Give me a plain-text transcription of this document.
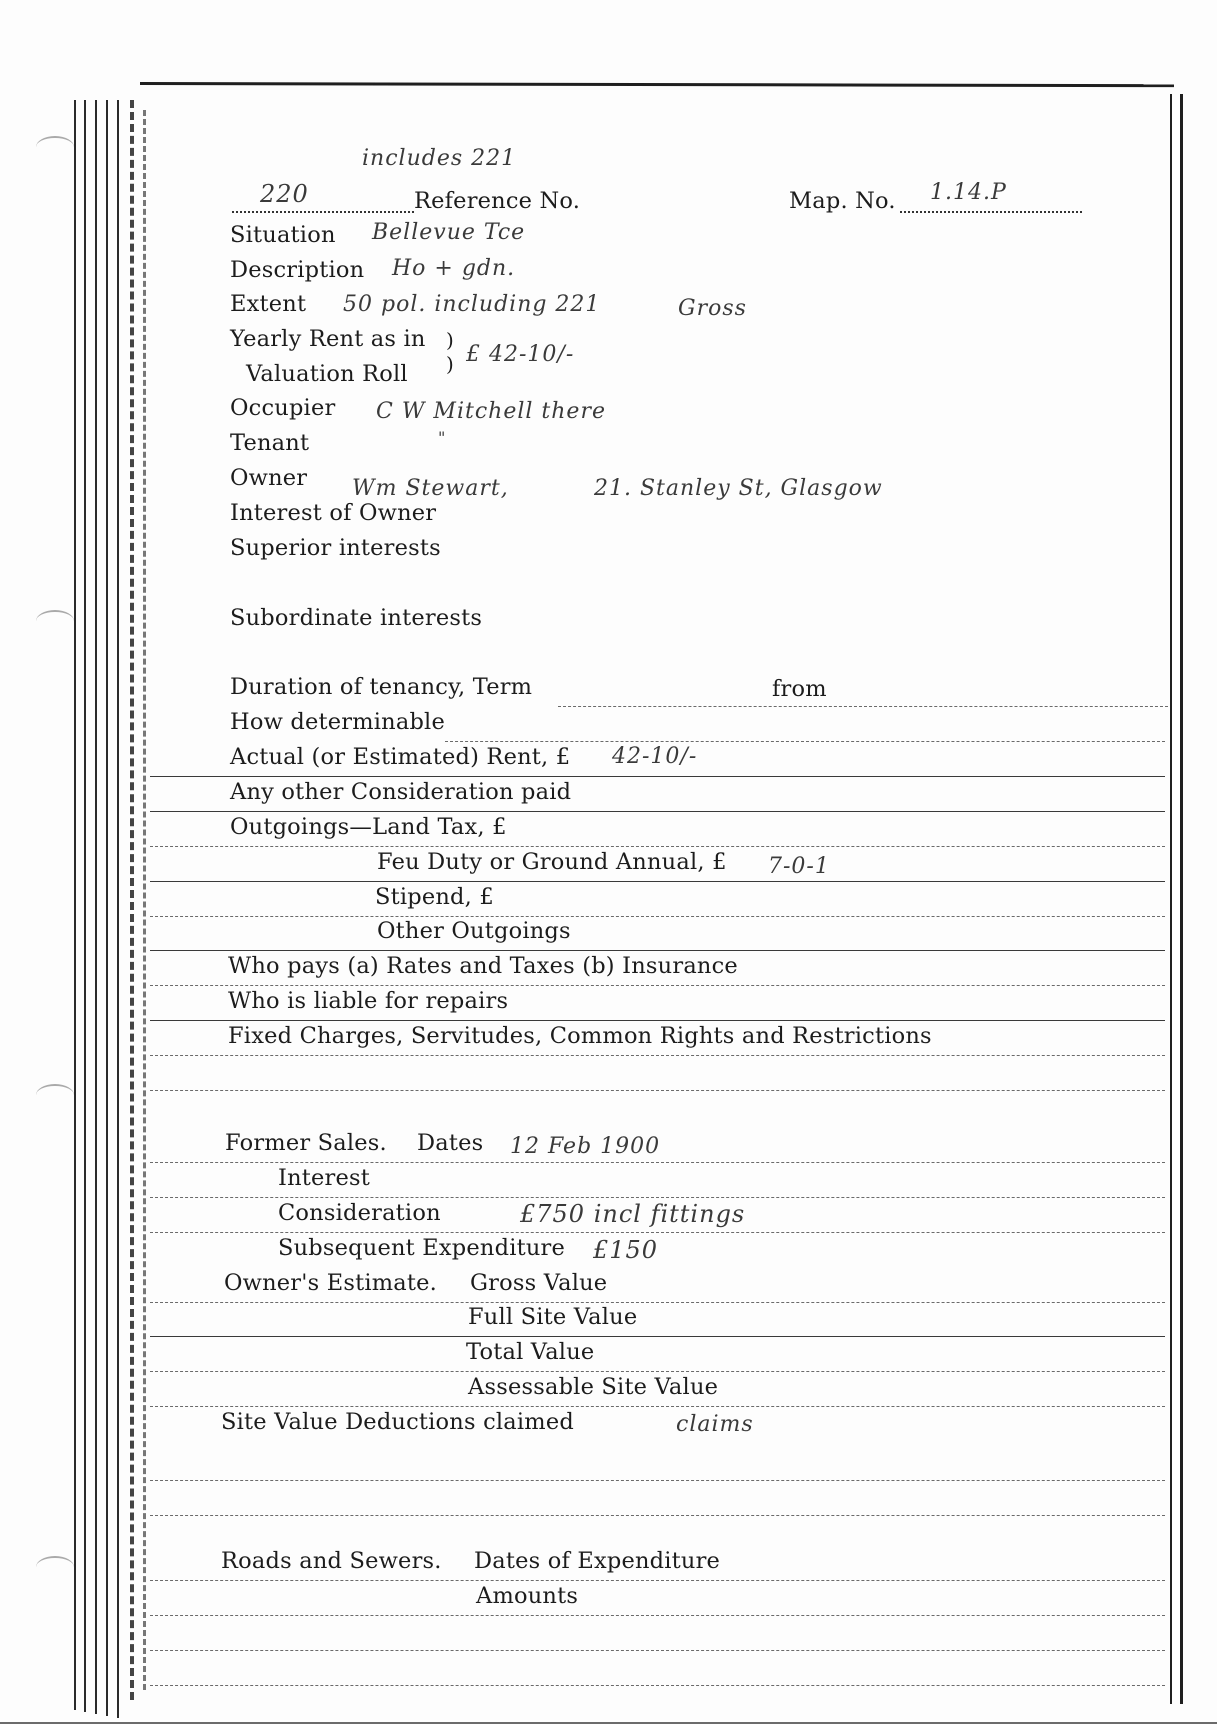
includes 221
220	Reference No.	Map. No. 1.14.P
Situation Bellevue Tce
Description Ho + gdn.
Extent 50 pol. including 221	Gross
Yearly Rent as in
Valuation Roll
)
) £ 42-10/-
Occupier C W Mitchell there
Tenant	"
Owner Wm Stewart,	21. Stanley St, Glasgow
Interest of Owner
Superior interests
Subordinate interests
Duration of tenancy, Term	from
How determinable
Actual (or Estimated) Rent, £ 42-10/-
Any other Consideration paid
Outgoings—Land Tax, £
Feu Duty or Ground Annual, £ 7-0-1
Stipend, £
Other Outgoings
Who pays (a) Rates and Taxes (b) Insurance
Who is liable for repairs
Fixed Charges, Servitudes, Common Rights and Restrictions
Former Sales. Dates 12 Feb 1900
Interest
Consideration	£750 incl fittings
Subsequent Expenditure £150
Owner's Estimate. Gross Value
Full Site Value
Total Value
Assessable Site Value
Site Value Deductions claimed	claims
Roads and Sewers. Dates of Expenditure
Amounts
